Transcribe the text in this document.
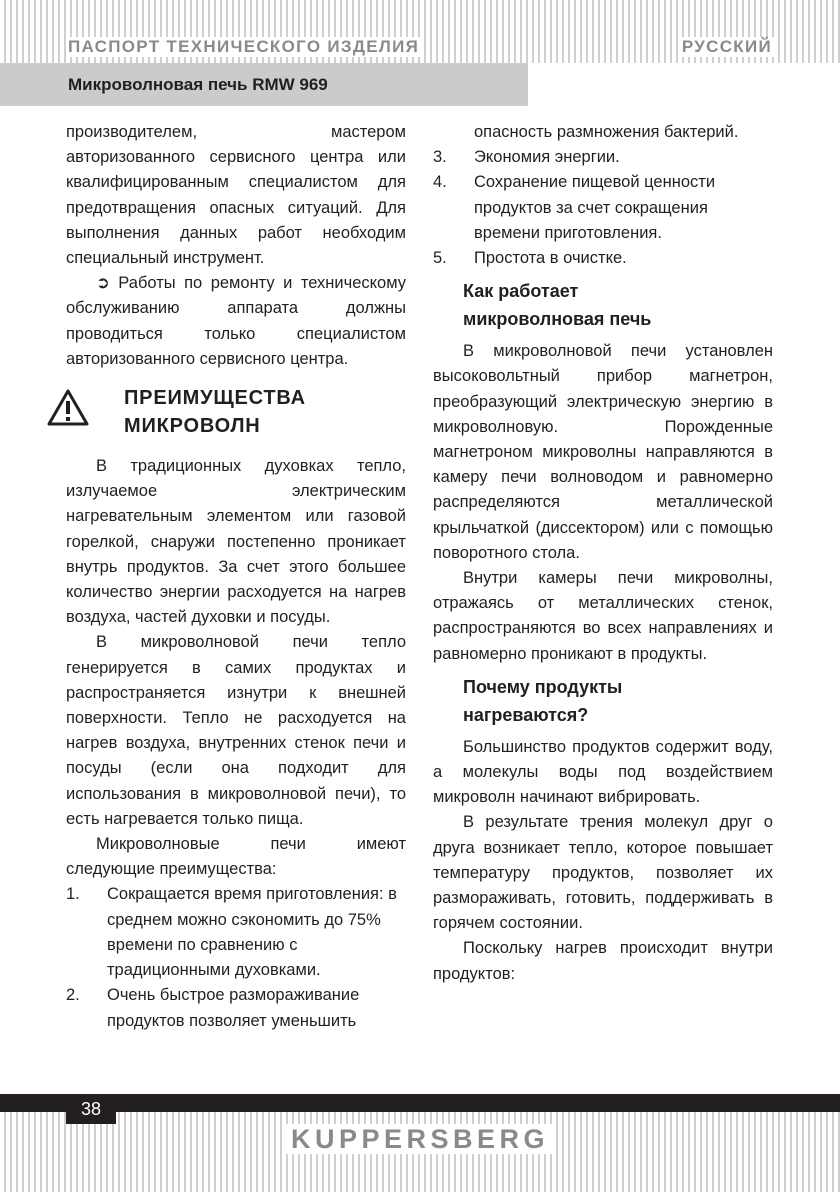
ПАСПОРТ ТЕХНИЧЕСКОГО ИЗДЕЛИЯ	РУССКИЙ
Микроволновая печь RMW 969

производителем, мастером авторизованного сервисного центра или квалифицированным специалистом для предотвращения опасных ситуаций. Для выполнения данных работ необходим специальный инструмент.

➲ Работы по ремонту и техническому обслуживанию аппарата должны проводиться только специалистом авторизованного сервисного центра.

ПРЕИМУЩЕСТВА
МИКРОВОЛН

В традиционных духовках тепло, излучаемое электрическим нагревательным элементом или газовой горелкой, снаружи постепенно проникает внутрь продуктов. За счет этого большее количество энергии расходуется на нагрев воздуха, частей духовки и посуды.

В микроволновой печи тепло генерируется в самих продуктах и распространяется изнутри к внешней поверхности. Тепло не расходуется на нагрев воздуха, внутренних стенок печи и посуды (если она подходит для использования в микроволновой печи), то есть нагревается только пища.

Микроволновые печи имеют следующие преимущества:

1. Сокращается время приготовления: в среднем можно сэкономить до 75% времени по сравнению с традиционными духовками.
2. Очень быстрое размораживание продуктов позволяет уменьшить
опасность размножения бактерий.
3. Экономия энергии.
4. Сохранение пищевой ценности продуктов за счет сокращения времени приготовления.
5. Простота в очистке.
Как работает
микроволновая печь

В микроволновой печи установлен высоковольтный прибор магнетрон, преобразующий электрическую энергию в микроволновую. Порожденные магнетроном микроволны направляются в камеру печи волноводом и равномерно распределяются металлической крыльчаткой (диссектором) или с помощью поворотного стола.

Внутри камеры печи микроволны, отражаясь от металлических стенок, распространяются во всех направлениях и равномерно проникают в продукты.

Почему продукты
нагреваются?

Большинство продуктов содержит воду, а молекулы воды под воздействием микроволн начинают вибрировать.

В результате трения молекул друг о друга возникает тепло, которое повышает температуру продуктов, позволяет их размораживать, готовить, поддерживать в горячем состоянии.

Поскольку нагрев происходит внутри продуктов:

38
KUPPERSBERG
